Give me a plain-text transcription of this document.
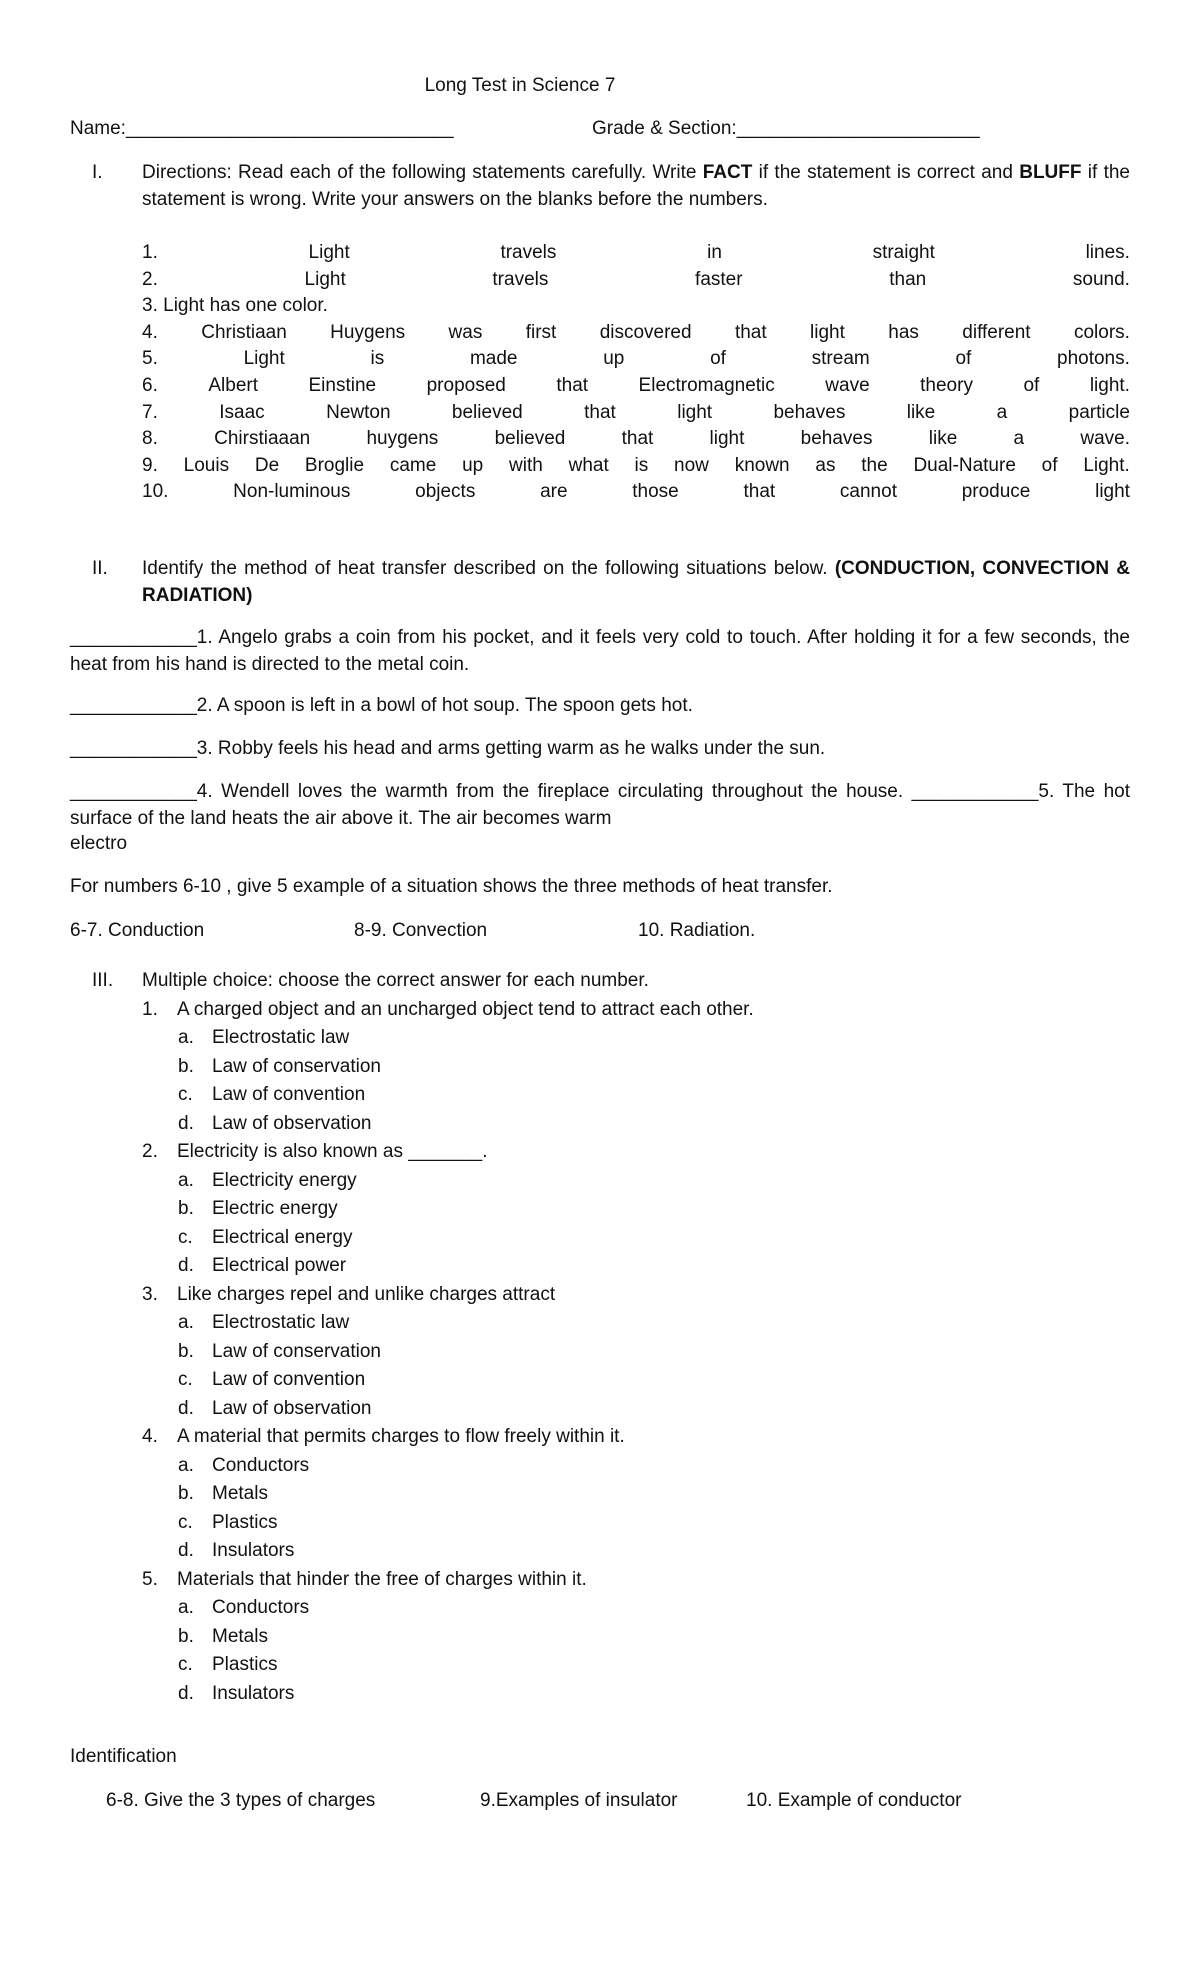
Long Test in Science 7
Name:_______________________________	Grade & Section:_______________________
I. Directions: Read each of the following statements carefully. Write FACT if the statement is correct and BLUFF if the statement is wrong. Write your answers on the blanks before the numbers.
1.	Light	travels	in	straight	lines.
2.	Light	travels	faster	than	sound.
3. Light has one color.
4. Christiaan Huygens was first discovered that light has different colors.
5.	Light	is	made	up	of	stream	of	photons.
6.	Albert	Einstine	proposed	that	Electromagnetic	wave	theory	of	light.
7.	Isaac	Newton	believed	that	light	behaves	like	a	particle
8.	Chirstiaaan	huygens	believed	that	light	behaves	like	a	wave.
9. Louis De Broglie came up with what is now known as the Dual-Nature of Light.
10.	Non-luminous	objects	are	those	that	cannot	produce	light
II. Identify the method of heat transfer described on the following situations below. (CONDUCTION, CONVECTION & RADIATION)
____________1. Angelo grabs a coin from his pocket, and it feels very cold to touch. After holding it for a few seconds, the heat from his hand is directed to the metal coin.
____________2. A spoon is left in a bowl of hot soup. The spoon gets hot.
____________3. Robby feels his head and arms getting warm as he walks under the sun.
____________4. Wendell loves the warmth from the fireplace circulating throughout the house. ____________5. The hot surface of the land heats the air above it. The air becomes warm
electro
For numbers 6-10 , give 5 example of a situation shows the three methods of heat transfer.
6-7. Conduction	8-9. Convection	10. Radiation.
III. Multiple choice: choose the correct answer for each number.
1. A charged object and an uncharged object tend to attract each other.
a. Electrostatic law
b. Law of conservation
c. Law of convention
d. Law of observation
2. Electricity is also known as _______.
a. Electricity energy
b. Electric energy
c. Electrical energy
d. Electrical power
3. Like charges repel and unlike charges attract
a. Electrostatic law
b. Law of conservation
c. Law of convention
d. Law of observation
4. A material that permits charges to flow freely within it.
a. Conductors
b. Metals
c. Plastics
d. Insulators
5. Materials that hinder the free of charges within it.
a. Conductors
b. Metals
c. Plastics
d. Insulators
Identification
6-8. Give the 3 types of charges	9.Examples of insulator	10. Example of conductor
